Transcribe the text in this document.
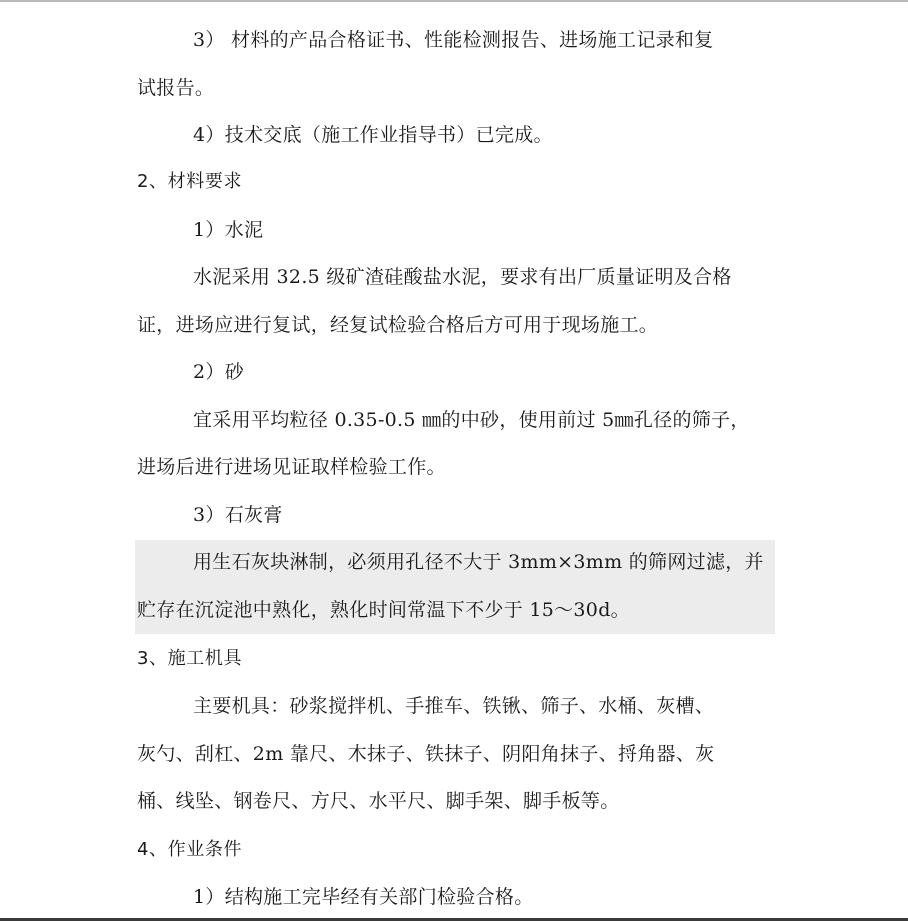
3） 材料的产品合格证书、性能检测报告、进场施工记录和复
试报告。
4）技术交底（施工作业指导书）已完成。
2、材料要求
1）水泥
水泥采用 32.5 级矿渣硅酸盐水泥，要求有出厂质量证明及合格
证，进场应进行复试，经复试检验合格后方可用于现场施工。
2）砂
宜采用平均粒径 0.35-0.5 ㎜的中砂，使用前过 5㎜孔径的筛子，
进场后进行进场见证取样检验工作。
3）石灰膏
用生石灰块淋制，必须用孔径不大于 3mm×3mm 的筛网过滤，并
贮存在沉淀池中熟化，熟化时间常温下不少于 15～30d。
3、施工机具
主要机具：砂浆搅拌机、手推车、铁锹、筛子、水桶、灰槽、
灰勺、刮杠、2m 靠尺、木抹子、铁抹子、阴阳角抹子、捋角器、灰
桶、线坠、钢卷尺、方尺、水平尺、脚手架、脚手板等。
4、作业条件
1）结构施工完毕经有关部门检验合格。
